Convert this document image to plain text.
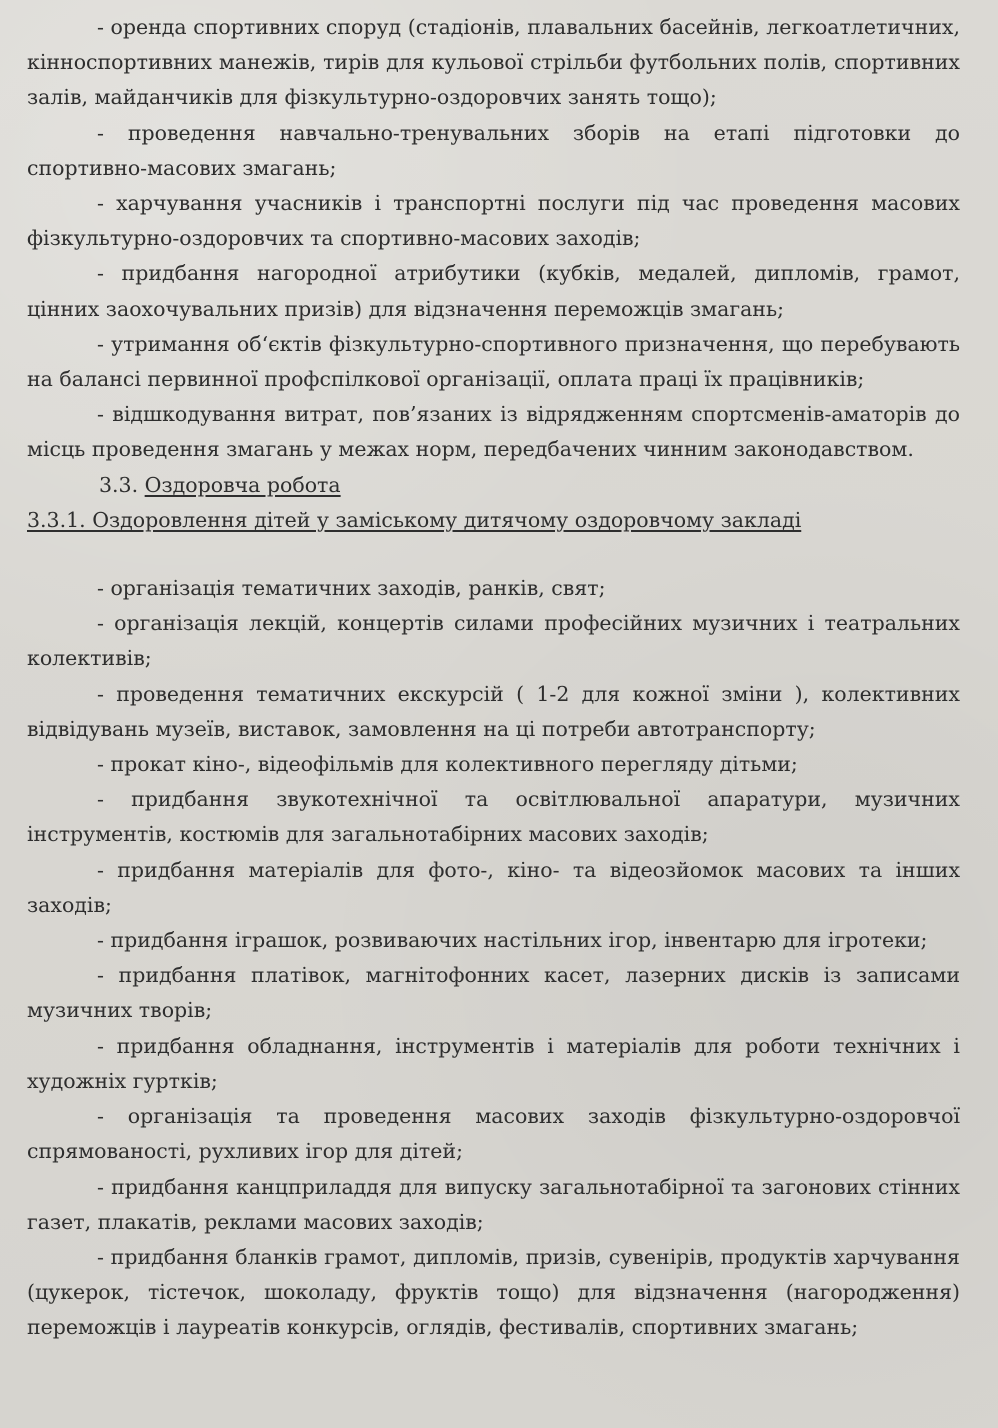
- оренда спортивних споруд (стадіонів, плавальних басейнів, легкоатлетичних, кінноспортивних манежів, тирів для кульової стрільби футбольних полів, спортивних залів, майданчиків для фізкультурно-оздоровчих занять тощо);

- проведення навчально-тренувальних зборів на етапі підготовки до спортивно-масових змагань;

- харчування учасників і транспортні послуги під час проведення масових фізкультурно-оздоровчих та спортивно-масових заходів;

- придбання нагородної атрибутики (кубків, медалей, дипломів, грамот, цінних заохочувальних призів) для відзначення переможців змагань;

- утримання об‘єктів фізкультурно-спортивного призначення, що перебувають на балансі первинної профспілкової організації, оплата праці їх працівників;

- відшкодування витрат, пов’язаних із відрядженням спортсменів-аматорів до місць проведення змагань у межах норм, передбачених чинним законодавством.

3.3. Оздоровча робота

3.3.1. Оздоровлення дітей у заміському дитячому оздоровчому закладі

- організація тематичних заходів, ранків, свят;

- організація лекцій, концертів силами професійних музичних і театральних колективів;

- проведення тематичних екскурсій ( 1-2 для кожної зміни ), колективних відвідувань музеїв, виставок, замовлення на ці потреби автотранспорту;

- прокат кіно-, відеофільмів для колективного перегляду дітьми;

- придбання звукотехнічної та освітлювальної апаратури, музичних інструментів, костюмів для загальнотабірних масових заходів;

- придбання матеріалів для фото-, кіно- та відеозйомок масових та інших заходів;

- придбання іграшок, розвиваючих настільних ігор, інвентарю для ігротеки;

- придбання платівок, магнітофонних касет, лазерних дисків із записами музичних творів;

- придбання обладнання, інструментів і матеріалів для роботи технічних і художніх гуртків;

- організація та проведення масових заходів фізкультурно-оздоровчої спрямованості, рухливих ігор для дітей;

- придбання канцприладдя для випуску загальнотабірної та загонових стінних газет, плакатів, реклами масових заходів;

- придбання бланків грамот, дипломів, призів, сувенірів, продуктів харчування (цукерок, тістечок, шоколаду, фруктів тощо) для відзначення (нагородження) переможців і лауреатів конкурсів, оглядів, фестивалів, спортивних змагань;
